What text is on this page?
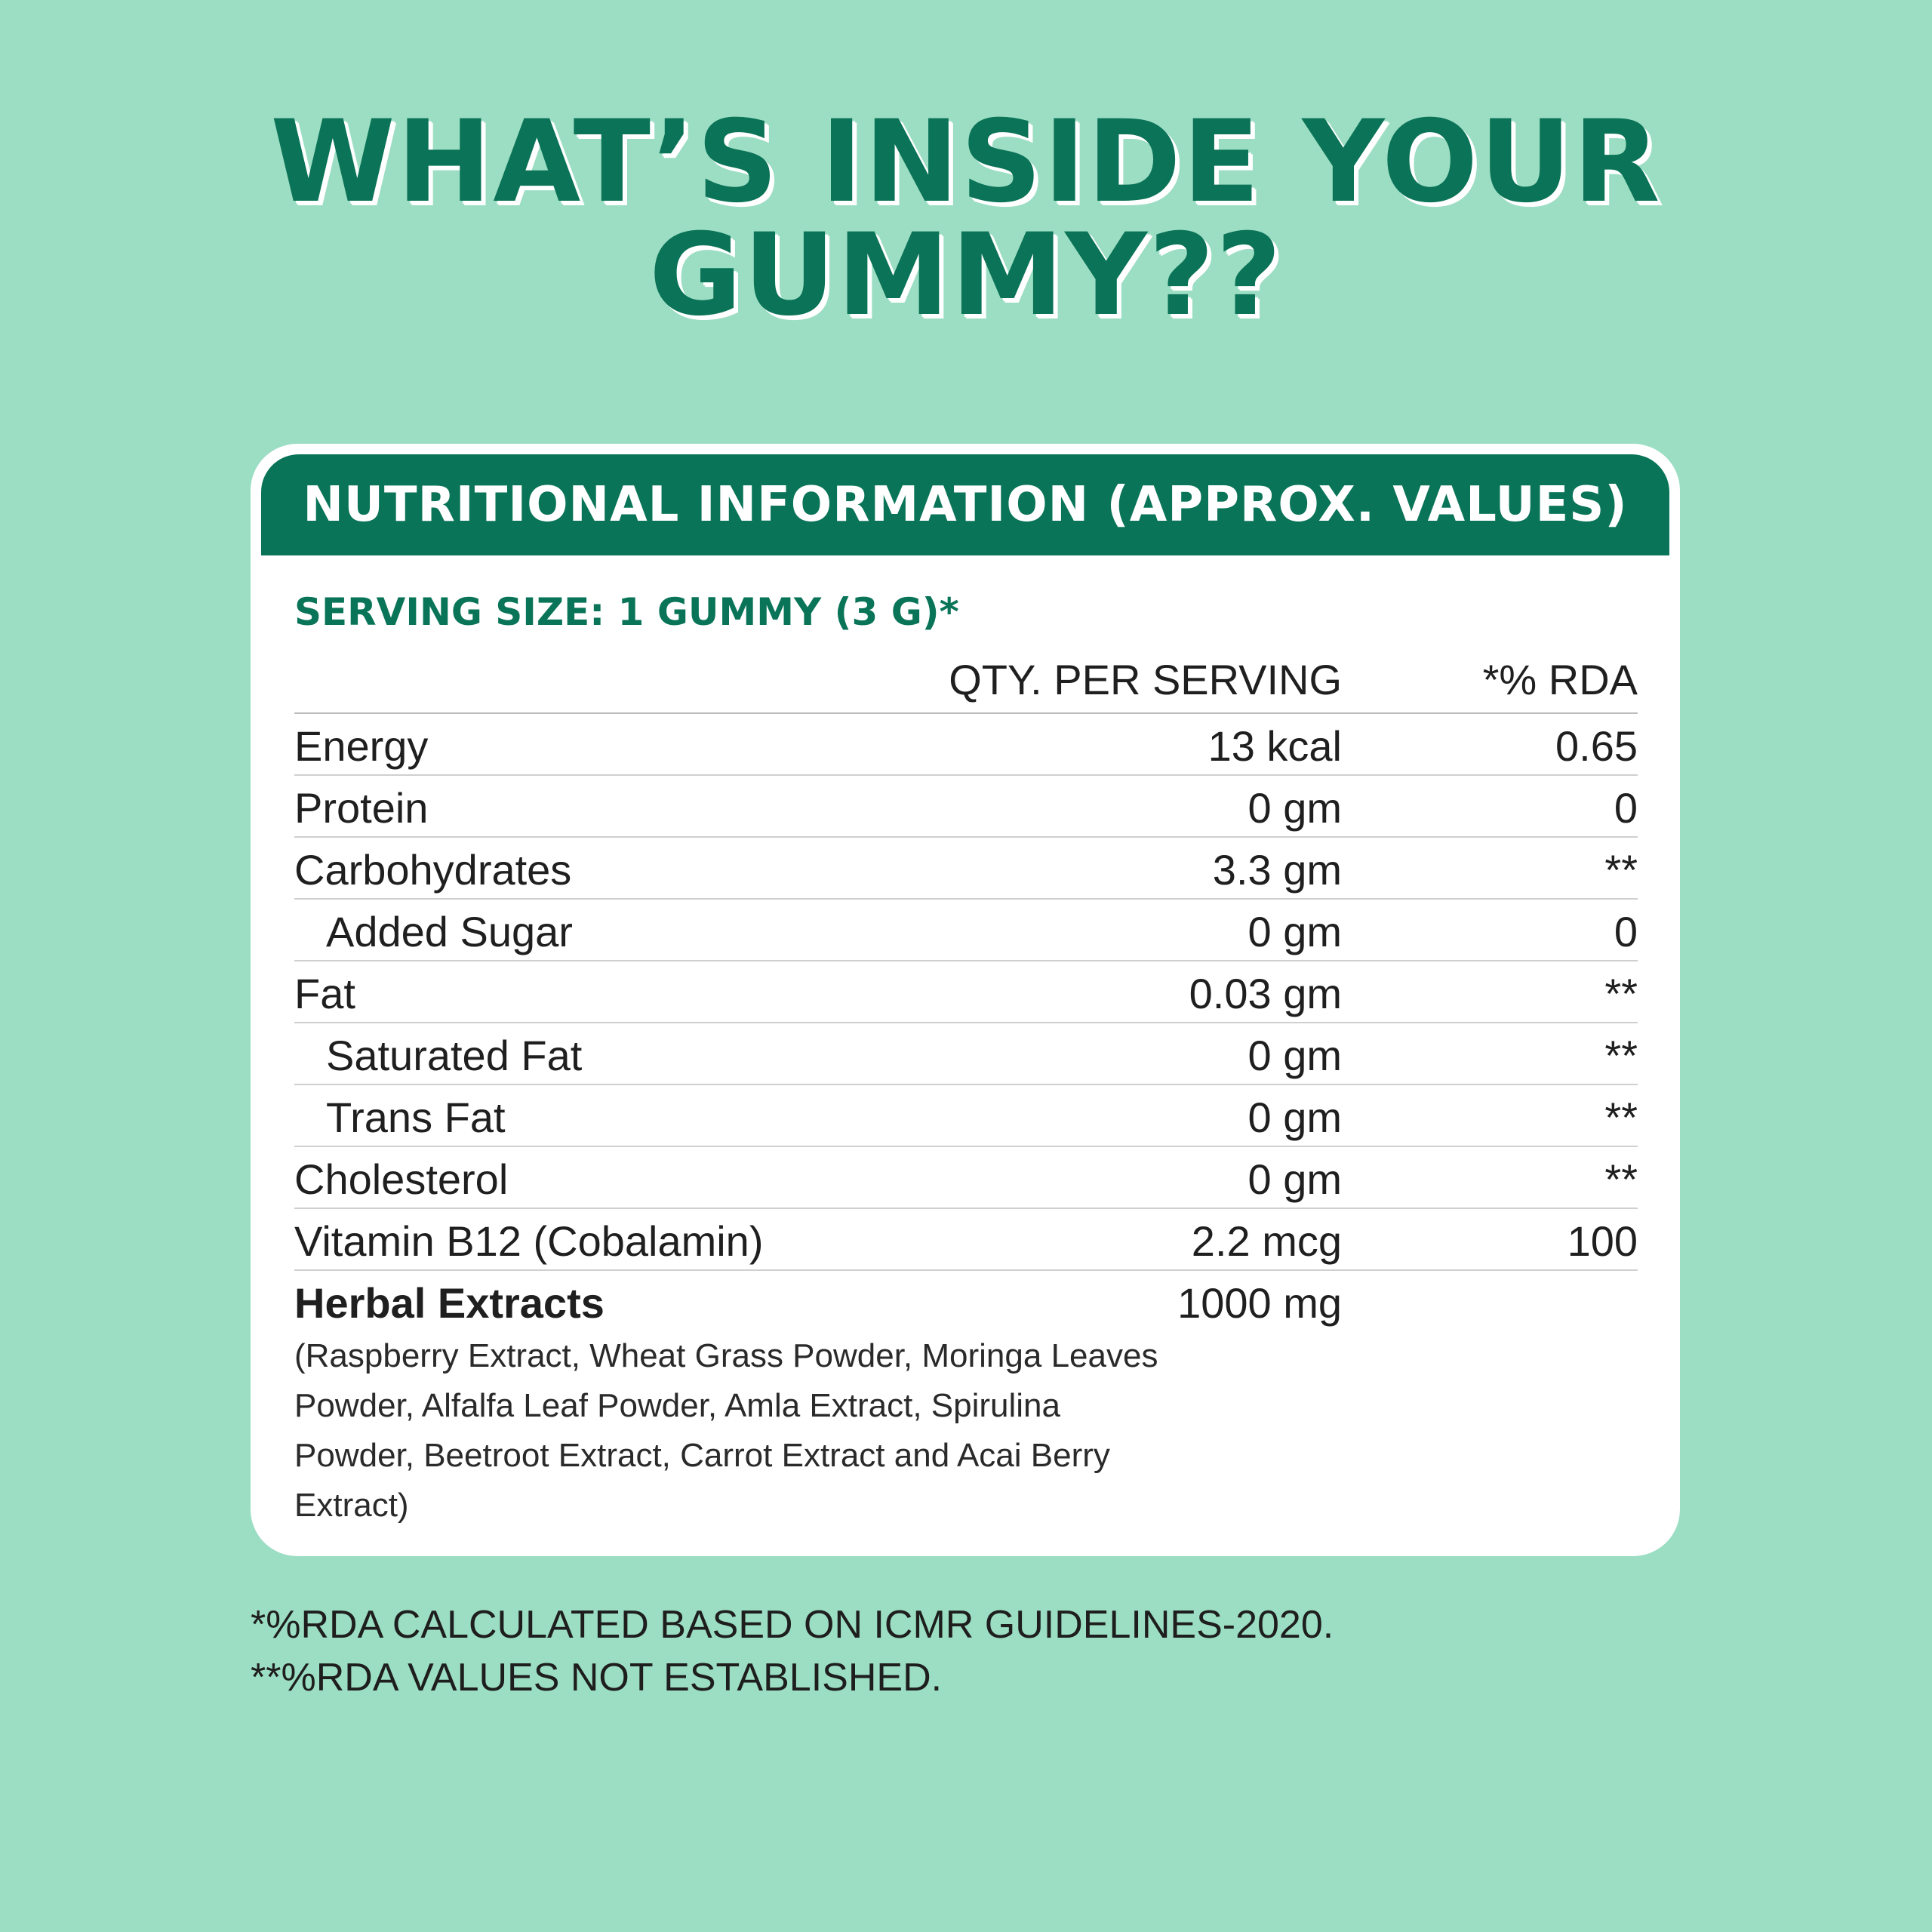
WHAT’S INSIDE YOUR GUMMY??
NUTRITIONAL INFORMATION (APPROX. VALUES)
SERVING SIZE: 1 GUMMY (3 G)*
QTY. PER SERVING	*% RDA
Energy	13 kcal	0.65
Protein	0 gm	0
Carbohydrates	3.3 gm	**
Added Sugar	0 gm	0
Fat	0.03 gm	**
Saturated Fat	0 gm	**
Trans Fat	0 gm	**
Cholesterol	0 gm	**
Vitamin B12 (Cobalamin)	2.2 mcg	100
Herbal Extracts	1000 mg
(Raspberry Extract, Wheat Grass Powder, Moringa Leaves Powder, Alfalfa Leaf Powder, Amla Extract, Spirulina Powder, Beetroot Extract, Carrot Extract and Acai Berry Extract)
*%RDA CALCULATED BASED ON ICMR GUIDELINES-2020.
**%RDA VALUES NOT ESTABLISHED.
